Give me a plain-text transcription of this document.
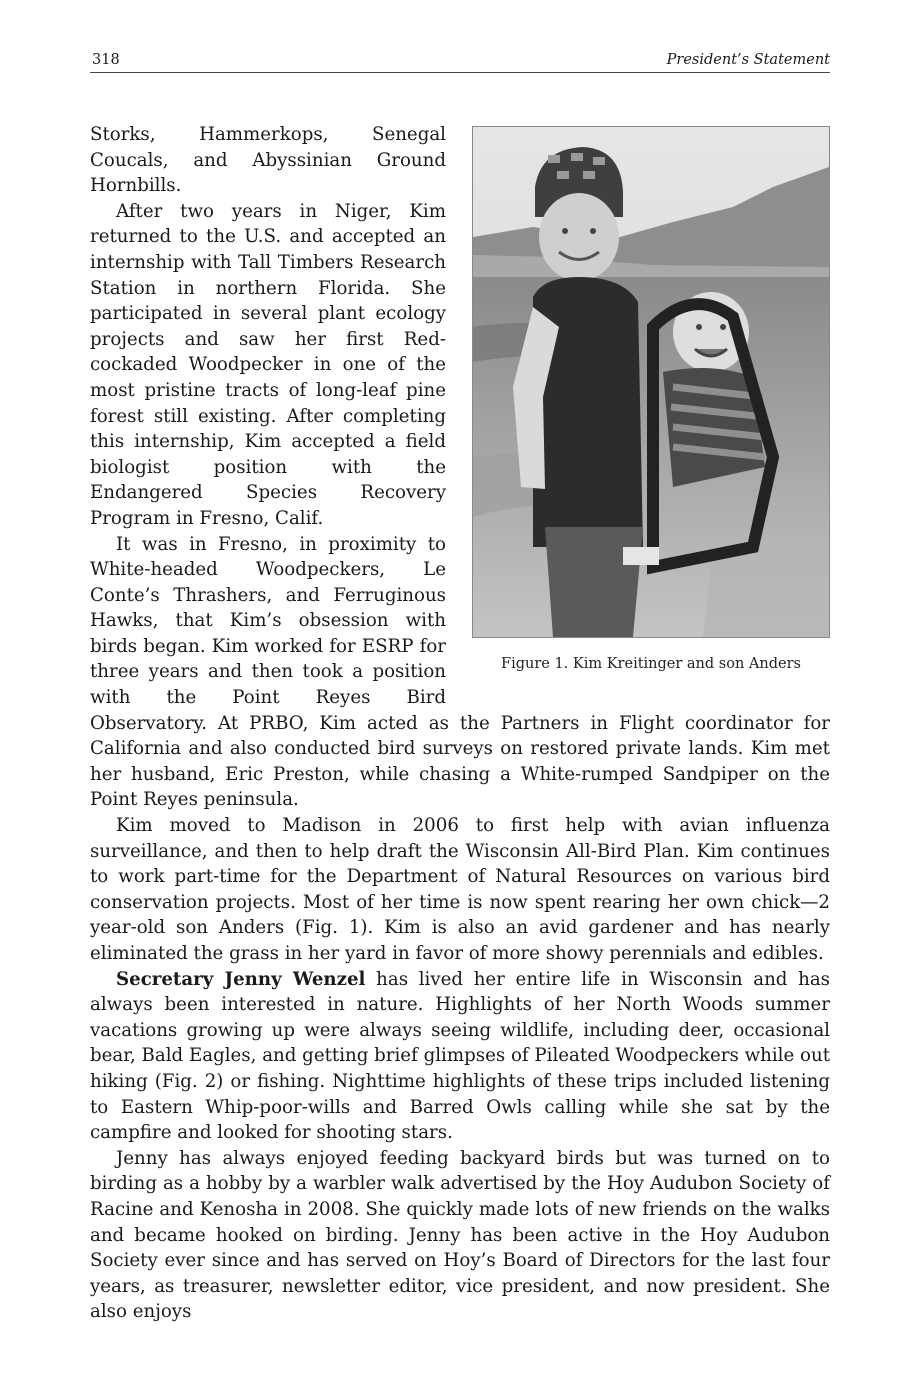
318	President’s Statement
Figure 1. Kim Kreitinger and son Anders

Storks, Hammerkops, Senegal Coucals, and Abyssinian Ground Hornbills.

After two years in Niger, Kim returned to the U.S. and accepted an internship with Tall Timbers Research Station in northern Florida. She participated in several plant ecology projects and saw her first Red-cockaded Woodpecker in one of the most pristine tracts of long-leaf pine forest still existing. After completing this internship, Kim accepted a field biologist position with the Endangered Species Recovery Program in Fresno, Calif.

It was in Fresno, in proximity to White-headed Woodpeckers, Le Conte’s Thrashers, and Ferruginous Hawks, that Kim’s obsession with birds began. Kim worked for ESRP for three years and then took a position with the Point Reyes Bird Observatory. At PRBO, Kim acted as the Partners in Flight coordinator for California and also conducted bird surveys on restored private lands. Kim met her husband, Eric Preston, while chasing a White-rumped Sandpiper on the Point Reyes peninsula.

Kim moved to Madison in 2006 to first help with avian influenza surveillance, and then to help draft the Wisconsin All-Bird Plan. Kim continues to work part-time for the Department of Natural Resources on various bird conservation projects. Most of her time is now spent rearing her own chick—2 year-old son Anders (Fig. 1). Kim is also an avid gardener and has nearly eliminated the grass in her yard in favor of more showy perennials and edibles.

Secretary Jenny Wenzel has lived her entire life in Wisconsin and has always been interested in nature. Highlights of her North Woods summer vacations growing up were always seeing wildlife, including deer, occasional bear, Bald Eagles, and getting brief glimpses of Pileated Woodpeckers while out hiking (Fig. 2) or fishing. Nighttime highlights of these trips included listening to Eastern Whip-poor-wills and Barred Owls calling while she sat by the campfire and looked for shooting stars.

Jenny has always enjoyed feeding backyard birds but was turned on to birding as a hobby by a warbler walk advertised by the Hoy Audubon Society of Racine and Kenosha in 2008. She quickly made lots of new friends on the walks and became hooked on birding. Jenny has been active in the Hoy Audubon Society ever since and has served on Hoy’s Board of Directors for the last four years, as treasurer, newsletter editor, vice president, and now president. She also enjoys
